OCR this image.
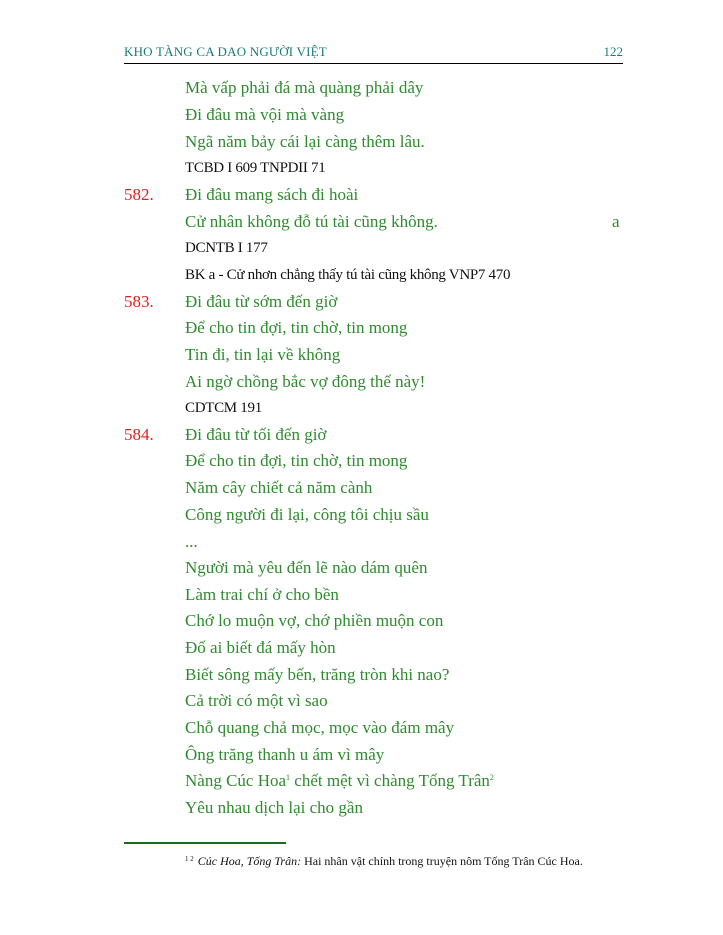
KHO TÀNG CA DAO NGƯỜI VIỆT	122
Mà vấp phải đá mà quàng phải dây
Đi đâu mà vội mà vàng
Ngã năm bảy cái lại càng thêm lâu.
TCBD I 609 TNPDII 71
582. Đi đâu mang sách đi hoài
Cử nhân không đỗ tú tài cũng không.	a
DCNTB I 177
BK a - Cử nhơn chẳng thấy tú tài cũng không VNP7 470
583. Đi đâu từ sớm đến giờ
Để cho tin đợi, tin chờ, tin mong
Tin đi, tin lại về không
Ai ngờ chồng bắc vợ đông thế này!
CDTCM 191
584. Đi đâu từ tối đến giờ
Để cho tin đợi, tin chờ, tin mong
Năm cây chiết cả năm cành
Công người đi lại, công tôi chịu sầu
...
Người mà yêu đến lẽ nào dám quên
Làm trai chí ở cho bền
Chớ lo muộn vợ, chớ phiền muộn con
Đố ai biết đá mấy hòn
Biết sông mấy bến, trăng tròn khi nao?
Cả trời có một vì sao
Chỗ quang chả mọc, mọc vào đám mây
Ông trăng thanh u ám vì mây
Nàng Cúc Hoa$^1$ chết mệt vì chàng Tống Trân$^2$
Yêu nhau dịch lại cho gần
$^{1 2}$ Cúc Hoa, Tống Trân: Hai nhân vật chính trong truyện nôm Tống Trân Cúc Hoa.
